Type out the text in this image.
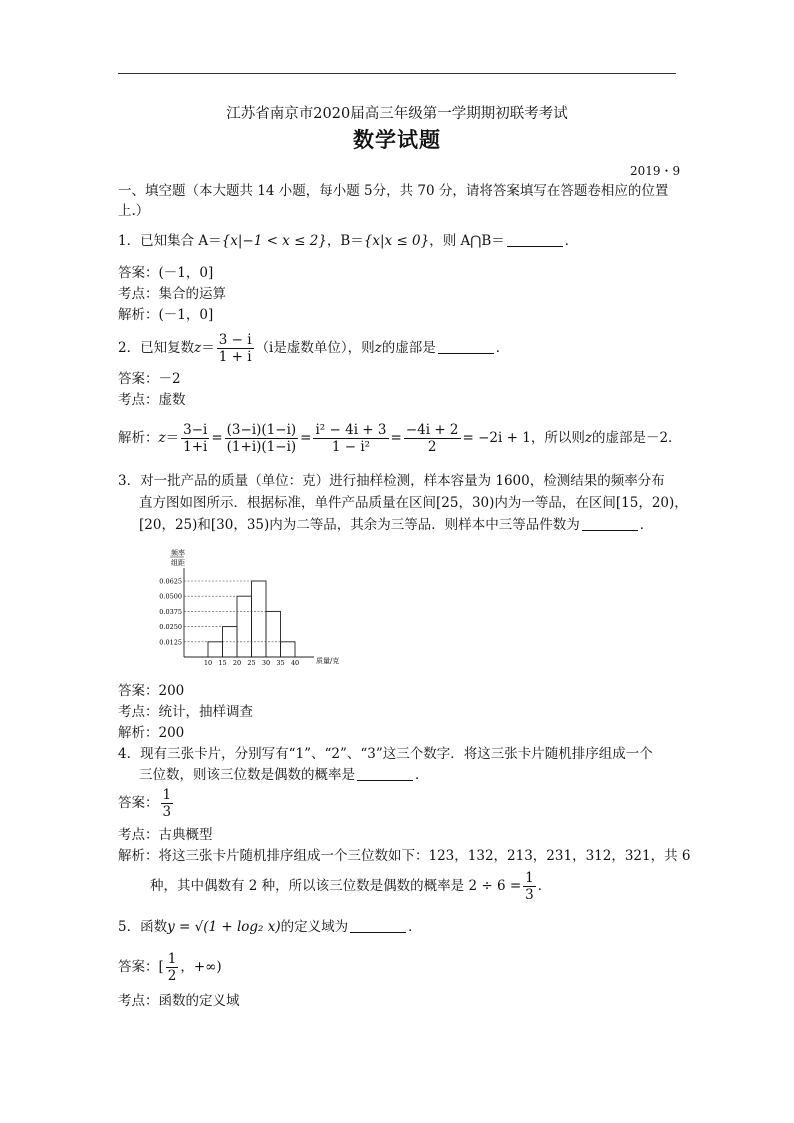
江苏省南京市2020届高三年级第一学期期初联考考试
数学试题
2019・9
一、填空题（本大题共 14 小题，每小题 5分，共 70 分，请将答案填写在答题卷相应的位置
上.）
1．已知集合 A＝{x|−1 < x ≤ 2}，B＝{x|x ≤ 0}，则 A⋂B＝	．
答案：(－1，0]
考点：集合的运算
解析：(－1，0]
2．已知复数$z= \frac{3 - i}{1 + i} (i$是虚数单位），则z的虚部是	．
答案：－2
考点：虚数
解析：$z= \frac{3-i}{1+i} = \frac{(3-i)(1-i)}{(1+i)(1-i)} = \frac{\text{i² − 4i + 3}}{\text{1 − i²}} = \frac{-4i + 2}{2} = -2i + 1$，所以则z的虚部是－2．
3．对一批产品的质量（单位：克）进行抽样检测，样本容量为 1600，检测结果的频率分布
直方图如图所示．根据标准，单件产品质量在区间[25，30)内为一等品，在区间[15，20)，
[20，25)和[30，35)内为二等品，其余为三等品．则样本中三等品件数为	．
频率
组距
质量/克
0.0625
0.0500
0.0375
0.0250
0.0125
10 15 20 25 30 35 40
答案：200
考点：统计，抽样调查
解析：200
4．现有三张卡片，分别写有“1”、“2”、“3”这三个数字．将这三张卡片随机排序组成一个
三位数，则该三位数是偶数的概率是	．
答案： $\frac{1}{3}$
考点：古典概型
解析：将这三张卡片随机排序组成一个三位数如下：123，132，213，231，312，321，共 6
种，其中偶数有 2 种，所以该三位数是偶数的概率是 $2 \div 6 = \frac{1}{3}$ ．
5．函数y = √(1 + log₂ x)的定义域为	．
答案：[ $\frac{1}{2}$ ，+∞)
考点：函数的定义域
